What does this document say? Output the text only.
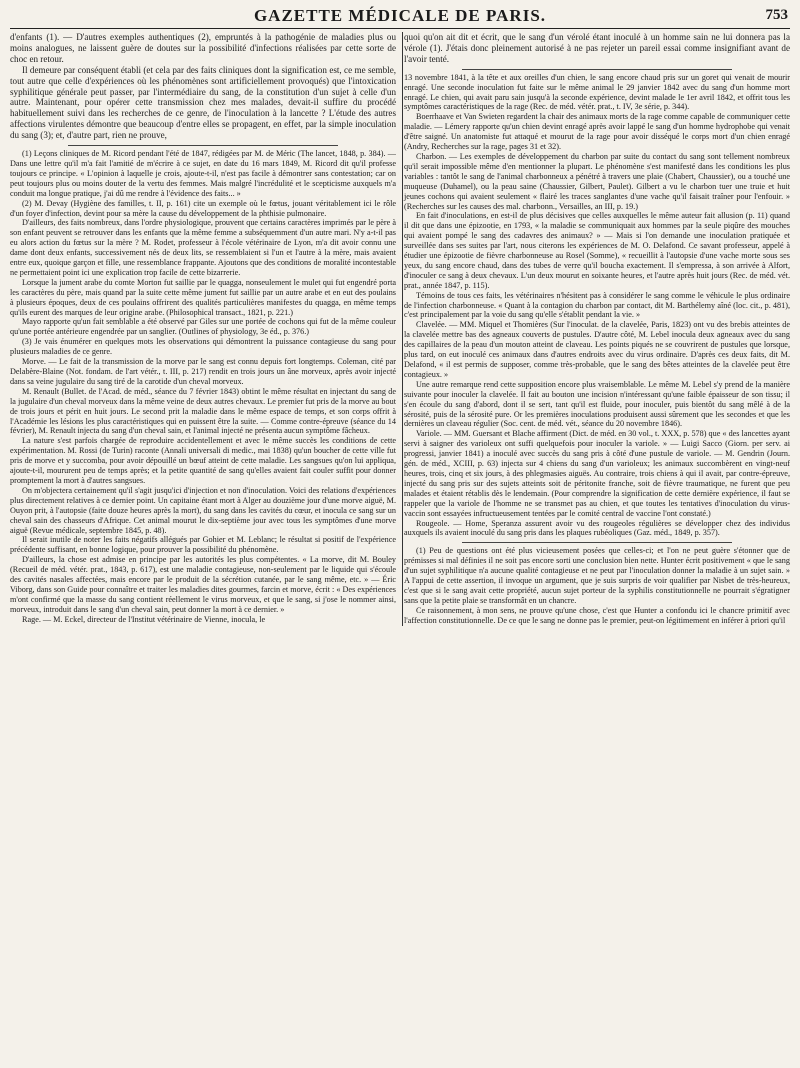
GAZETTE MÉDICALE DE PARIS.	753

d'enfants (1). — D'autres exemples authentiques (2), empruntés à la pathogénie de maladies plus ou moins analogues, ne laissent guère de doutes sur la possibilité d'infections réalisées par cette sorte de choc en retour.

Il demeure par conséquent établi (et cela par des faits cliniques dont la signification est, ce me semble, tout autre que celle d'expériences où les phénomènes sont artificiellement provoqués) que l'intoxication syphilitique générale peut passer, par l'intermédiaire du sang, de la constitution d'un sujet à celle d'un autre. Maintenant, pour opérer cette transmission chez mes malades, devait-il suffire du procédé habituellement suivi dans les recherches de ce genre, de l'inoculation à la lancette ? L'étude des autres affections virulentes démontre que beaucoup d'entre elles se propagent, en effet, par la simple inoculation du sang (3); et, d'autre part, rien ne prouve,

(1) Leçons cliniques de M. Ricord pendant l'été de 1847, rédigées par M. de Méric (The lancet, 1848, p. 384). — Dans une lettre qu'il m'a fait l'amitié de m'écrire à ce sujet, en date du 16 mars 1849, M. Ricord dit qu'il professe toujours ce principe. « L'opinion à laquelle je crois, ajoute-t-il, n'est pas facile à démontrer sans contestation; car on peut toujours plus ou moins douter de la vertu des femmes. Mais malgré l'incrédulité et le scepticisme auxquels m'a conduit ma longue pratique, j'ai dû me rendre à l'évidence des faits... »

(2) M. Devay (Hygiène des familles, t. II, p. 161) cite un exemple où le fœtus, jouant véritablement ici le rôle d'un foyer d'infection, devint pour sa mère la cause du développement de la phthisie pulmonaire.

D'ailleurs, des faits nombreux, dans l'ordre physiologique, prouvent que certains caractères imprimés par le père à son enfant peuvent se retrouver dans les enfants que la même femme a subséquemment d'un autre mari. N'y a-t-il pas eu alors action du fœtus sur la mère ? M. Rodet, professeur à l'école vétérinaire de Lyon, m'a dit avoir connu une dame dont deux enfants, successivement nés de deux lits, se ressemblaient si l'un et l'autre à la mère, mais avaient entre eux, quoique garçon et fille, une ressemblance frappante. Ajoutons que des conditions de moralité incontestable ne permettaient point ici une explication trop facile de cette bizarrerie.

Lorsque la jument arabe du comte Morton fut saillie par le quagga, nonseulement le mulet qui fut engendré porta les caractères du père, mais quand par la suite cette même jument fut saillie par un autre arabe et en eut des poulains à plusieurs époques, deux de ces poulains offrirent des qualités particulières manifestes du quagga, en même temps qu'ils eurent des marques de leur origine arabe. (Philosophical transact., 1821, p. 221.)

Mayo rapporte qu'un fait semblable a été observé par Giles sur une portée de cochons qui fut de la même couleur qu'une portée antérieure engendrée par un sanglier. (Outlines of physiology, 3e éd., p. 376.)

(3) Je vais énumérer en quelques mots les observations qui démontrent la puissance contagieuse du sang pour plusieurs maladies de ce genre.

Morve. — Le fait de la transmission de la morve par le sang est connu depuis fort longtemps. Coleman, cité par Delabère-Blaine (Not. fondam. de l'art vétér., t. III, p. 217) rendit en trois jours un âne morveux, après avoir injecté dans sa veine jugulaire du sang tiré de la carotide d'un cheval morveux.

M. Renault (Bullet. de l'Acad. de méd., séance du 7 février 1843) obtint le même résultat en injectant du sang de la jugulaire d'un cheval morveux dans la même veine de deux autres chevaux. Le premier fut pris de la morve au bout de trois jours et périt en huit jours. Le second prit la maladie dans le même espace de temps, et son corps offrit à l'Académie les lésions les plus caractéristiques qui en puissent être la suite. — Comme contre-épreuve (séance du 14 février), M. Renault injecta du sang d'un cheval sain, et l'animal injecté ne présenta aucun symptôme fâcheux.

La nature s'est parfois chargée de reproduire accidentellement et avec le même succès les conditions de cette expérimentation. M. Rossi (de Turin) raconte (Annali universali di medic., mai 1838) qu'un boucher de cette ville fut pris de morve et y succomba, pour avoir dépouillé un bœuf atteint de cette maladie. Les sangsues qu'on lui appliqua, ajoute-t-il, moururent peu de temps après; et la petite quantité de sang qu'elles avaient fait couler suffit pour donner promptement la mort à d'autres sangsues.

On m'objectera certainement qu'il s'agit jusqu'ici d'injection et non d'inoculation. Voici des relations d'expériences plus directement relatives à ce dernier point. Un capitaine étant mort à Alger au douzième jour d'une morve aiguë, M. Ouyon prit, à l'autopsie (faite douze heures après la mort), du sang dans les cavités du cœur, et inocula ce sang sur un cheval sain des chasseurs d'Afrique. Cet animal mourut le dix-septième jour avec tous les symptômes d'une morve aiguë (Revue médicale, septembre 1845, p. 48).

Il serait inutile de noter les faits négatifs allégués par Gohier et M. Leblanc; le résultat si positif de l'expérience précédente suffisant, en bonne logique, pour prouver la possibilité du phénomène.

D'ailleurs, la chose est admise en principe par les autorités les plus compétentes. « La morve, dit M. Bouley (Recueil de méd. vétér. prat., 1843, p. 617), est une maladie contagieuse, non-seulement par le liquide qui s'écoule des cavités nasales affectées, mais encore par le produit de la sécrétion cutanée, par le sang même, etc. » — Éric Viborg, dans son Guide pour connaître et traiter les maladies dites gourmes, farcin et morve, écrit : « Des expériences m'ont confirmé que la masse du sang contient réellement le virus morveux, et que le sang, si j'ose le nommer ainsi, morveux, introduit dans le sang d'un cheval sain, peut donner la mort à ce dernier. »

Rage. — M. Eckel, directeur de l'Institut vétérinaire de Vienne, inocula, le

quoi qu'on ait dit et écrit, que le sang d'un vérolé étant inoculé à un homme sain ne lui donnera pas la vérole (1). J'étais donc pleinement autorisé à ne pas rejeter un pareil essai comme insignifiant avant de l'avoir tenté.

13 novembre 1841, à la tête et aux oreilles d'un chien, le sang encore chaud pris sur un goret qui venait de mourir enragé. Une seconde inoculation fut faite sur le même animal le 29 janvier 1842 avec du sang d'un homme mort enragé. Le chien, qui avait paru sain jusqu'à la seconde expérience, devint malade le 1er avril 1842, et offrit tous les symptômes caractéristiques de la rage (Rec. de méd. vétér. prat., t. IV, 3e série, p. 344).

Boerrhaave et Van Swieten regardent la chair des animaux morts de la rage comme capable de communiquer cette maladie. — Lémery rapporte qu'un chien devint enragé après avoir lappé le sang d'un homme hydrophobe qui venait d'être saigné. Un anatomiste fut attaqué et mourut de la rage pour avoir disséqué le corps mort d'un chien enragé (Andry, Recherches sur la rage, pages 31 et 32).

Charbon. — Les exemples de développement du charbon par suite du contact du sang sont tellement nombreux qu'il serait impossible même d'en mentionner la plupart. Le phénomène s'est manifesté dans les conditions les plus variables : tantôt le sang de l'animal charbonneux a pénétré à travers une plaie (Chabert, Chaussier), ou a touché une muqueuse (Duhamel), ou la peau saine (Chaussier, Gilbert, Paulet). Gilbert a vu le charbon tuer une truie et huit jeunes cochons qui avaient seulement « flairé les traces sanglantes d'une vache qu'il faisait traîner pour l'enfouir. » (Recherches sur les causes des mal. charbonn., Versailles, an III, p. 19.)

En fait d'inoculations, en est-il de plus décisives que celles auxquelles le même auteur fait allusion (p. 11) quand il dit que dans une épizootie, en 1793, « la maladie se communiquait aux hommes par la seule piqûre des mouches qui avaient pompé le sang des cadavres des animaux? » — Mais si l'on demande une inoculation pratiquée et surveillée dans ses suites par l'art, nous citerons les expériences de M. O. Delafond. Ce savant professeur, appelé à étudier une épizootie de fièvre charbonneuse au Rosel (Somme), « recueillit à l'autopsie d'une vache morte sous ses yeux, du sang encore chaud, dans des tubes de verre qu'il boucha exactement. Il s'empressa, à son arrivée à Alfort, d'inoculer ce sang à deux chevaux. L'un deux mourut en soixante heures, et l'autre après huit jours (Rec. de méd. vét. prat., année 1847, p. 115).

Témoins de tous ces faits, les vétérinaires n'hésitent pas à considérer le sang comme le véhicule le plus ordinaire de l'infection charbonneuse. « Quant à la contagion du charbon par contact, dit M. Barthélemy aîné (loc. cit., p. 481), c'est principalement par la voie du sang qu'elle s'établit pendant la vie. »

Clavelée. — MM. Miquel et Thomières (Sur l'inoculat. de la clavelée, Paris, 1823) ont vu des brebis atteintes de la clavelée mettre bas des agneaux couverts de pustules. D'autre côté, M. Lebel inocula deux agneaux avec du sang des capillaires de la peau d'un mouton atteint de claveau. Les points piqués ne se couvrirent de pustules que lorsque, plus tard, on eut inoculé ces animaux dans d'autres endroits avec du virus ordinaire. D'après ces deux faits, dit M. Delafond, « il est permis de supposer, comme très-probable, que le sang des bêtes atteintes de la clavelée peut être contagieux. »

Une autre remarque rend cette supposition encore plus vraisemblable. Le même M. Lebel s'y prend de la manière suivante pour inoculer la clavelée. Il fait au bouton une incision n'intéressant qu'une faible épaisseur de son tissu; il s'en écoule du sang d'abord, dont il se sert, tant qu'il est fluide, pour inoculer, puis bientôt du sang mêlé à de la sérosité, puis de la sérosité pure. Or les premières inoculations produisent aussi sûrement que les secondes et que les dernières un claveau régulier (Soc. cent. de méd. vét., séance du 20 novembre 1846).

Variole. — MM. Guersant et Blache affirment (Dict. de méd. en 30 vol., t. XXX, p. 578) que « des lancettes ayant servi à saigner des varioleux ont suffi quelquefois pour inoculer la variole. » — Luigi Sacco (Giorn. per serv. ai progressi, janvier 1841) a inoculé avec succès du sang pris à côté d'une pustule de variole. — M. Gendrin (Journ. gén. de méd., XCIII, p. 63) injecta sur 4 chiens du sang d'un varioleux; les animaux succombèrent en vingt-neuf heures, trois, cinq et six jours, à des phlegmasies aiguës. Au contraire, trois chiens à qui il avait, par contre-épreuve, injecté du sang pris sur des sujets atteints soit de péritonite franche, soit de fièvre traumatique, ne furent que peu malades et étaient rétablis dès le lendemain. (Pour comprendre la signification de cette dernière expérience, il faut se rappeler que la variole de l'homme ne se transmet pas au chien, et que toutes les tentatives d'inoculation du virus-vaccin sont essayées infructueusement tentées par le comité central de vaccine l'ont constaté.)

Rougeole. — Home, Speranza assurent avoir vu des rougeoles régulières se développer chez des individus auxquels ils avaient inoculé du sang pris dans les plaques rubéoliques (Gaz. méd., 1849, p. 357).

(1) Peu de questions ont été plus vicieusement posées que celles-ci; et l'on ne peut guère s'étonner que de prémisses si mal définies il ne soit pas encore sorti une conclusion bien nette. Hunter écrit positivement « que le sang d'un sujet syphilitique n'a aucune qualité contagieuse et ne peut par l'inoculation donner la maladie à un sujet sain. » A l'appui de cette assertion, il invoque un argument, que je suis surpris de voir qualifier par Nisbet de très-heureux, c'est que si le sang avait cette propriété, aucun sujet porteur de la syphilis constitutionnelle ne pourrait s'égratigner sans que la petite plaie se transformât en un chancre.

Ce raisonnement, à mon sens, ne prouve qu'une chose, c'est que Hunter a confondu ici le chancre primitif avec l'affection constitutionnelle. De ce que le sang ne donne pas le premier, peut-on légitimement en inférer à priori qu'il
